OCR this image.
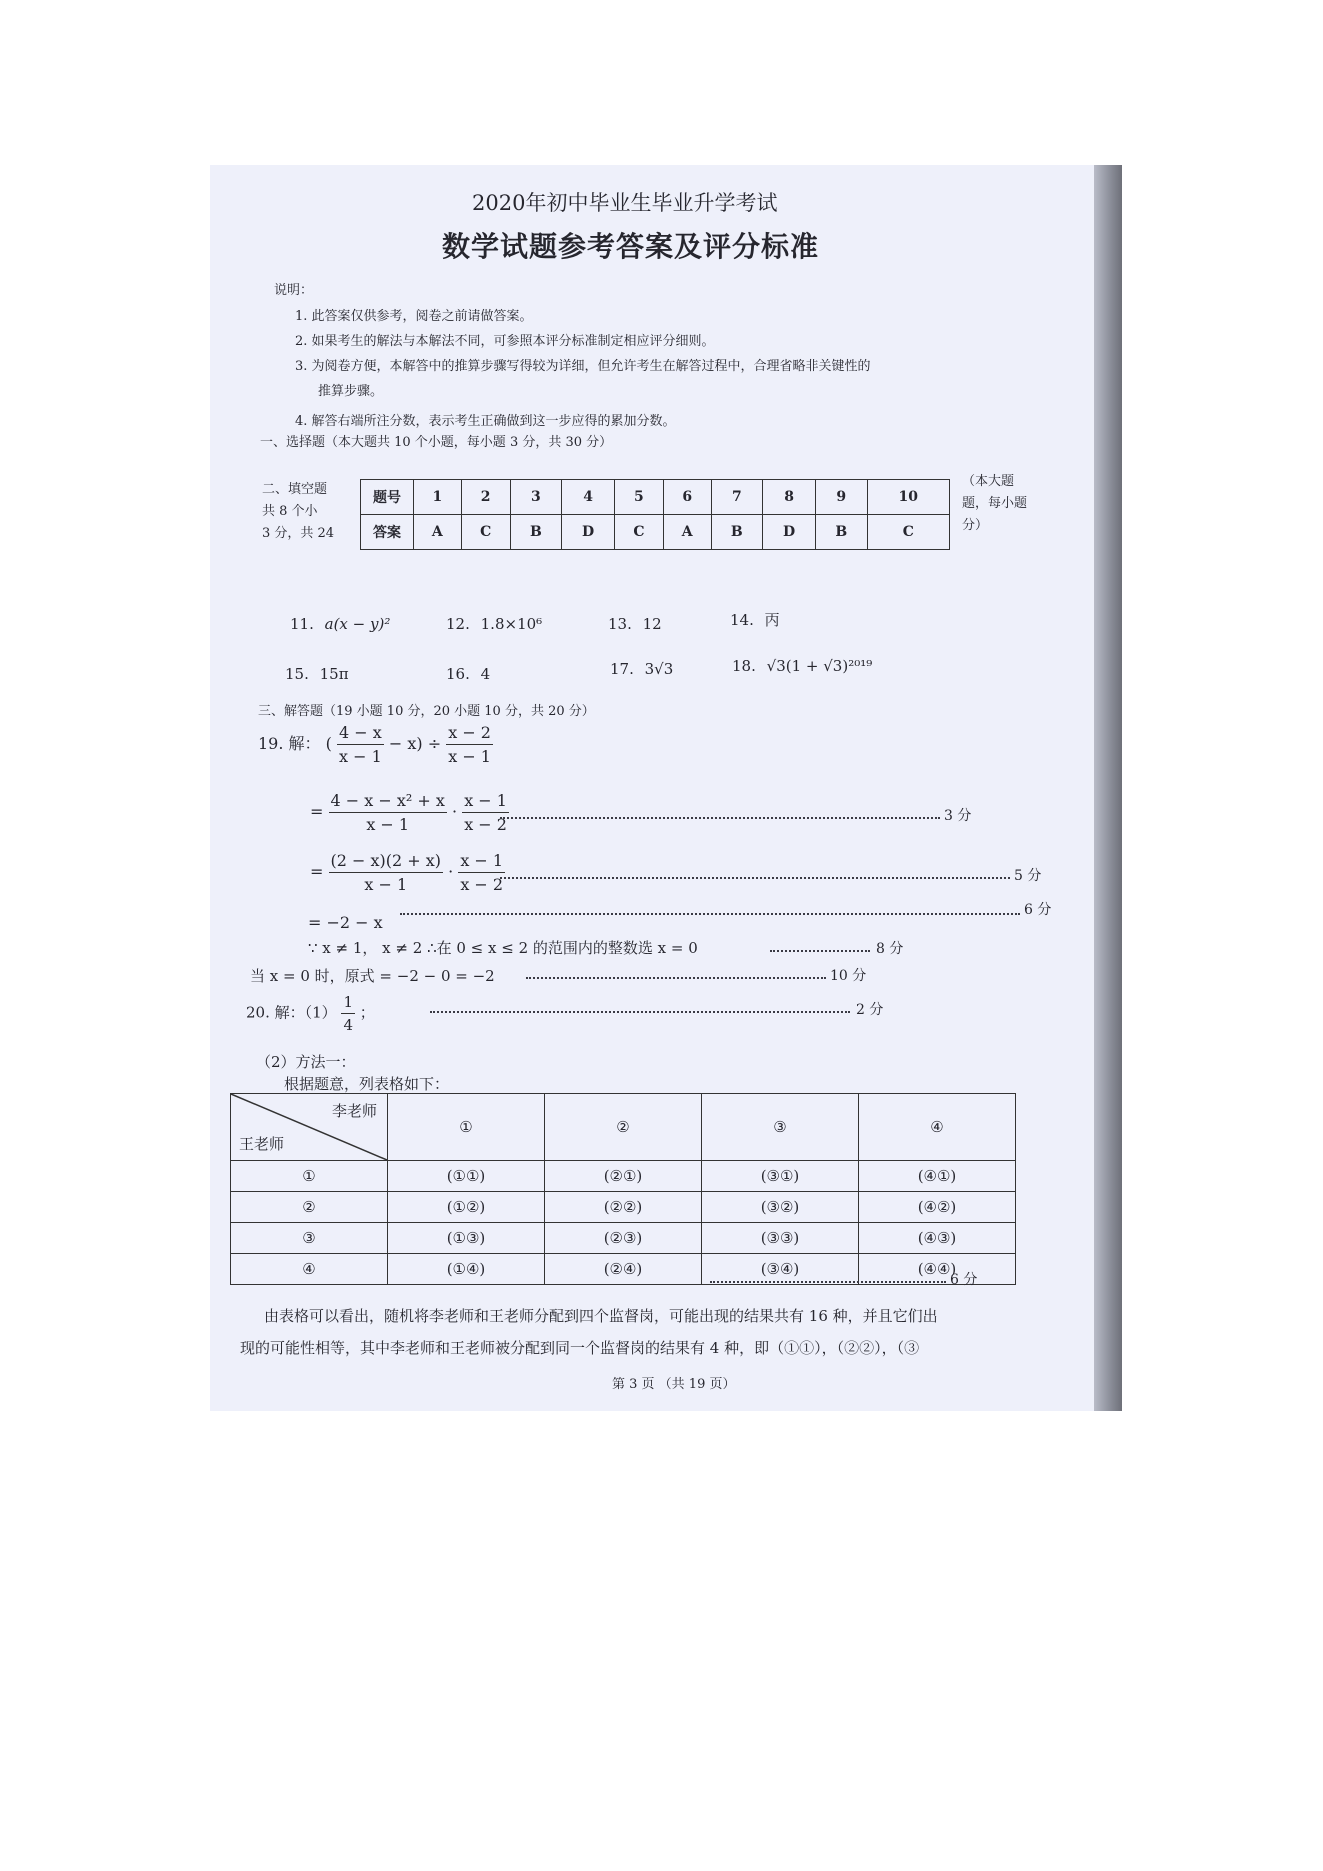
2020年初中毕业生毕业升学考试
数学试题参考答案及评分标准
说明：
1. 此答案仅供参考，阅卷之前请做答案。
2. 如果考生的解法与本解法不同，可参照本评分标准制定相应评分细则。
3. 为阅卷方便，本解答中的推算步骤写得较为详细，但允许考生在解答过程中，合理省略非关键性的
推算步骤。
4. 解答右端所注分数，表示考生正确做到这一步应得的累加分数。
一、选择题（本大题共 10 个小题，每小题 3 分，共 30 分）
二、填空题
共 8 个小
3 分，共 24
（本大题
题，每小题
分）
题号	1	2	3	4	5	6	7	8	9	10
答案	A	C	B	D	C	A	B	D	B	C
11. a(x − y)²	12. 1.8×10⁶	13. 12	14. 丙
15. 15π	16. 4	17. 3√3	18. √3(1 + √3)²⁰¹⁹
三、解答题（19 小题 10 分，20 小题 10 分，共 20 分）
19. 解： ( $\frac{4 - x}{x - 1} - x) \div \frac{x - 2}{x - 1}$
= $\frac{\text{4 − x − x² + x}}{x - 1} \cdot \frac{x - 1}{x - 2}$	3 分
= $\frac{(2 - x)(2 + x)}{x - 1} \cdot \frac{x - 1}{x - 2}$	5 分
= −2 − x
6 分
∵ x ≠ 1， x ≠ 2 ∴在 0 ≤ x ≤ 2 的范围内的整数选 x = 0	8 分
当 x = 0 时，原式 = −2 − 0 = −2	10 分
20. 解：$(1) \frac{1}{4}$ ；	2 分
（2）方法一：
根据题意，列表格如下：
李老师
王老师	①	②	③	④
①	(①①)	(②①)	(③①)	(④①)
②	(①②)	(②②)	(③②)	(④②)
③	(①③)	(②③)	(③③)	(④③)
④	(①④)	(②④)	(③④)	(④④)
6 分
由表格可以看出，随机将李老师和王老师分配到四个监督岗，可能出现的结果共有 16 种，并且它们出
现的可能性相等，其中李老师和王老师被分配到同一个监督岗的结果有 4 种，即（①①），（②②），（③
第 3 页 （共 19 页）
